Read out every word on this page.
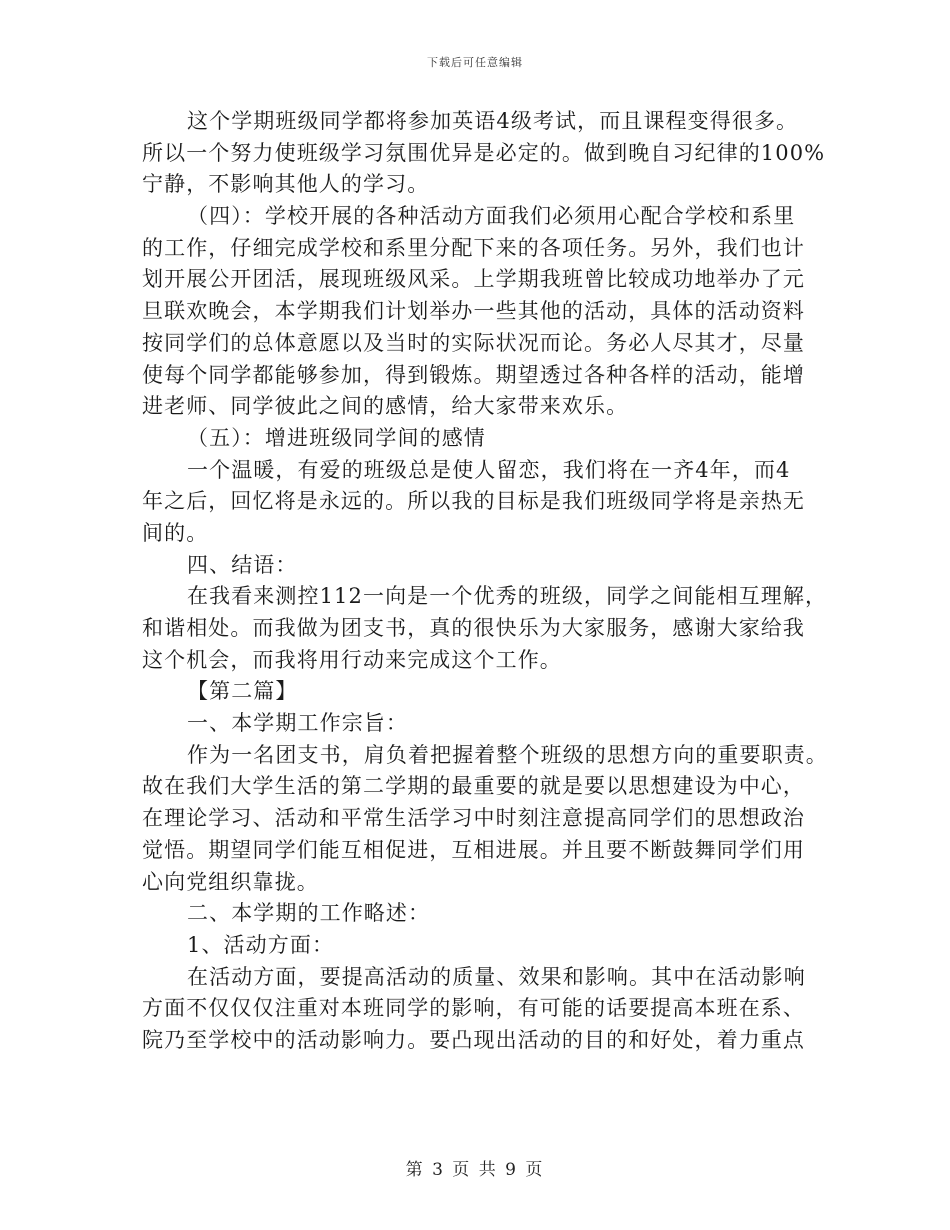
下载后可任意编辑
这个学期班级同学都将参加英语4级考试，而且课程变得很多。
所以一个努力使班级学习氛围优异是必定的。做到晚自习纪律的100%
宁静，不影响其他人的学习。
（四）：学校开展的各种活动方面我们必须用心配合学校和系里
的工作，仔细完成学校和系里分配下来的各项任务。另外，我们也计
划开展公开团活，展现班级风采。上学期我班曾比较成功地举办了元
旦联欢晚会，本学期我们计划举办一些其他的活动，具体的活动资料
按同学们的总体意愿以及当时的实际状况而论。务必人尽其才，尽量
使每个同学都能够参加，得到锻炼。期望透过各种各样的活动，能增
进老师、同学彼此之间的感情，给大家带来欢乐。
（五）：增进班级同学间的感情
一个温暖，有爱的班级总是使人留恋，我们将在一齐4年，而4
年之后，回忆将是永远的。所以我的目标是我们班级同学将是亲热无
间的。
四、结语：
在我看来测控112一向是一个优秀的班级，同学之间能相互理解，
和谐相处。而我做为团支书，真的很快乐为大家服务，感谢大家给我
这个机会，而我将用行动来完成这个工作。
【第二篇】
一、本学期工作宗旨：
作为一名团支书，肩负着把握着整个班级的思想方向的重要职责。
故在我们大学生活的第二学期的最重要的就是要以思想建设为中心，
在理论学习、活动和平常生活学习中时刻注意提高同学们的思想政治
觉悟。期望同学们能互相促进，互相进展。并且要不断鼓舞同学们用
心向党组织靠拢。
二、本学期的工作略述：
1、活动方面：
在活动方面，要提高活动的质量、效果和影响。其中在活动影响
方面不仅仅仅注重对本班同学的影响，有可能的话要提高本班在系、
院乃至学校中的活动影响力。要凸现出活动的目的和好处，着力重点
第 3 页 共 9 页
